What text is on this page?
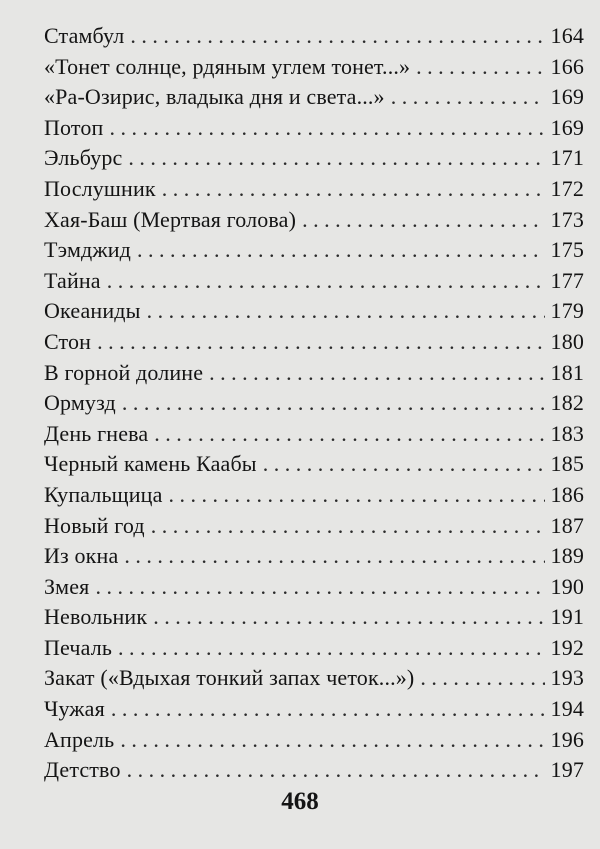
Стамбул . . .	164
«Тонет солнце, рдяным углем тонет...» . . .	166
«Ра-Озирис, владыка дня и света...» . . .	169
Потоп . . .	169
Эльбурс . . .	171
Послушник . . .	172
Хая-Баш (Мертвая голова) . . .	173
Тэмджид . . .	175
Тайна . . .	177
Океаниды . . .	179
Стон . . .	180
В горной долине . . .	181
Ормузд . . .	182
День гнева . . .	183
Черный камень Каабы . . .	185
Купальщица . . .	186
Новый год . . .	187
Из окна . . .	189
Змея . . .	190
Невольник . . .	191
Печаль . . .	192
Закат («Вдыхая тонкий запах четок...») . . .	193
Чужая . . .	194
Апрель . . .	196
Детство . . .	197
468
